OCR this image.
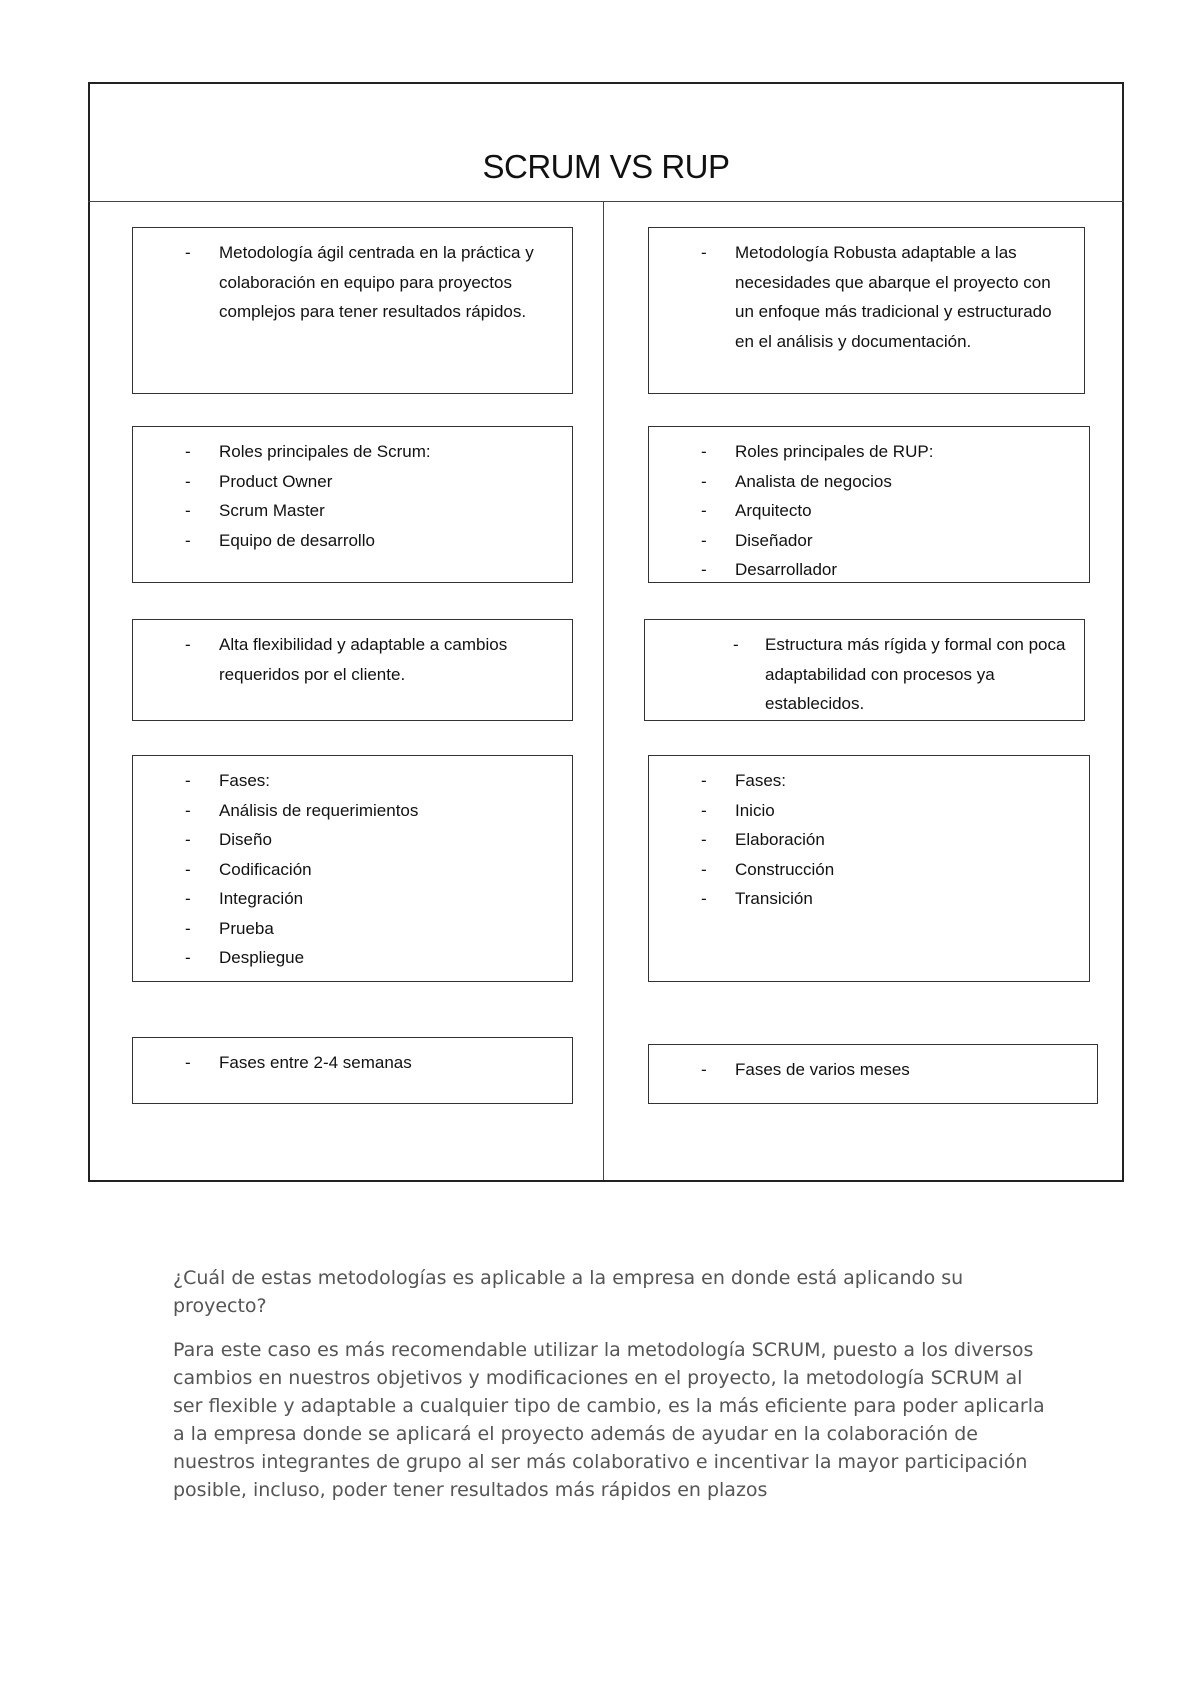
SCRUM VS RUP
- Metodología ágil centrada en la práctica y colaboración en equipo para proyectos complejos para tener resultados rápidos.
- Roles principales de Scrum:
- Product Owner
- Scrum Master
- Equipo de desarrollo
- Alta flexibilidad y adaptable a cambios requeridos por el cliente.
- Fases:
- Análisis de requerimientos
- Diseño
- Codificación
- Integración
- Prueba
- Despliegue
- Fases entre 2-4 semanas
- Metodología Robusta adaptable a las necesidades que abarque el proyecto con un enfoque más tradicional y estructurado en el análisis y documentación.
- Roles principales de RUP:
- Analista de negocios
- Arquitecto
- Diseñador
- Desarrollador
- Estructura más rígida y formal con poca adaptabilidad con procesos ya establecidos.
- Fases:
- Inicio
- Elaboración
- Construcción
- Transición
- Fases de varios meses
¿Cuál de estas metodologías es aplicable a la empresa en donde está aplicando su proyecto?
Para este caso es más recomendable utilizar la metodología SCRUM, puesto a los diversos cambios en nuestros objetivos y modificaciones en el proyecto, la metodología SCRUM al ser flexible y adaptable a cualquier tipo de cambio, es la más eficiente para poder aplicarla a la empresa donde se aplicará el proyecto además de ayudar en la colaboración de nuestros integrantes de grupo al ser más colaborativo e incentivar la mayor participación posible, incluso, poder tener resultados más rápidos en plazos
